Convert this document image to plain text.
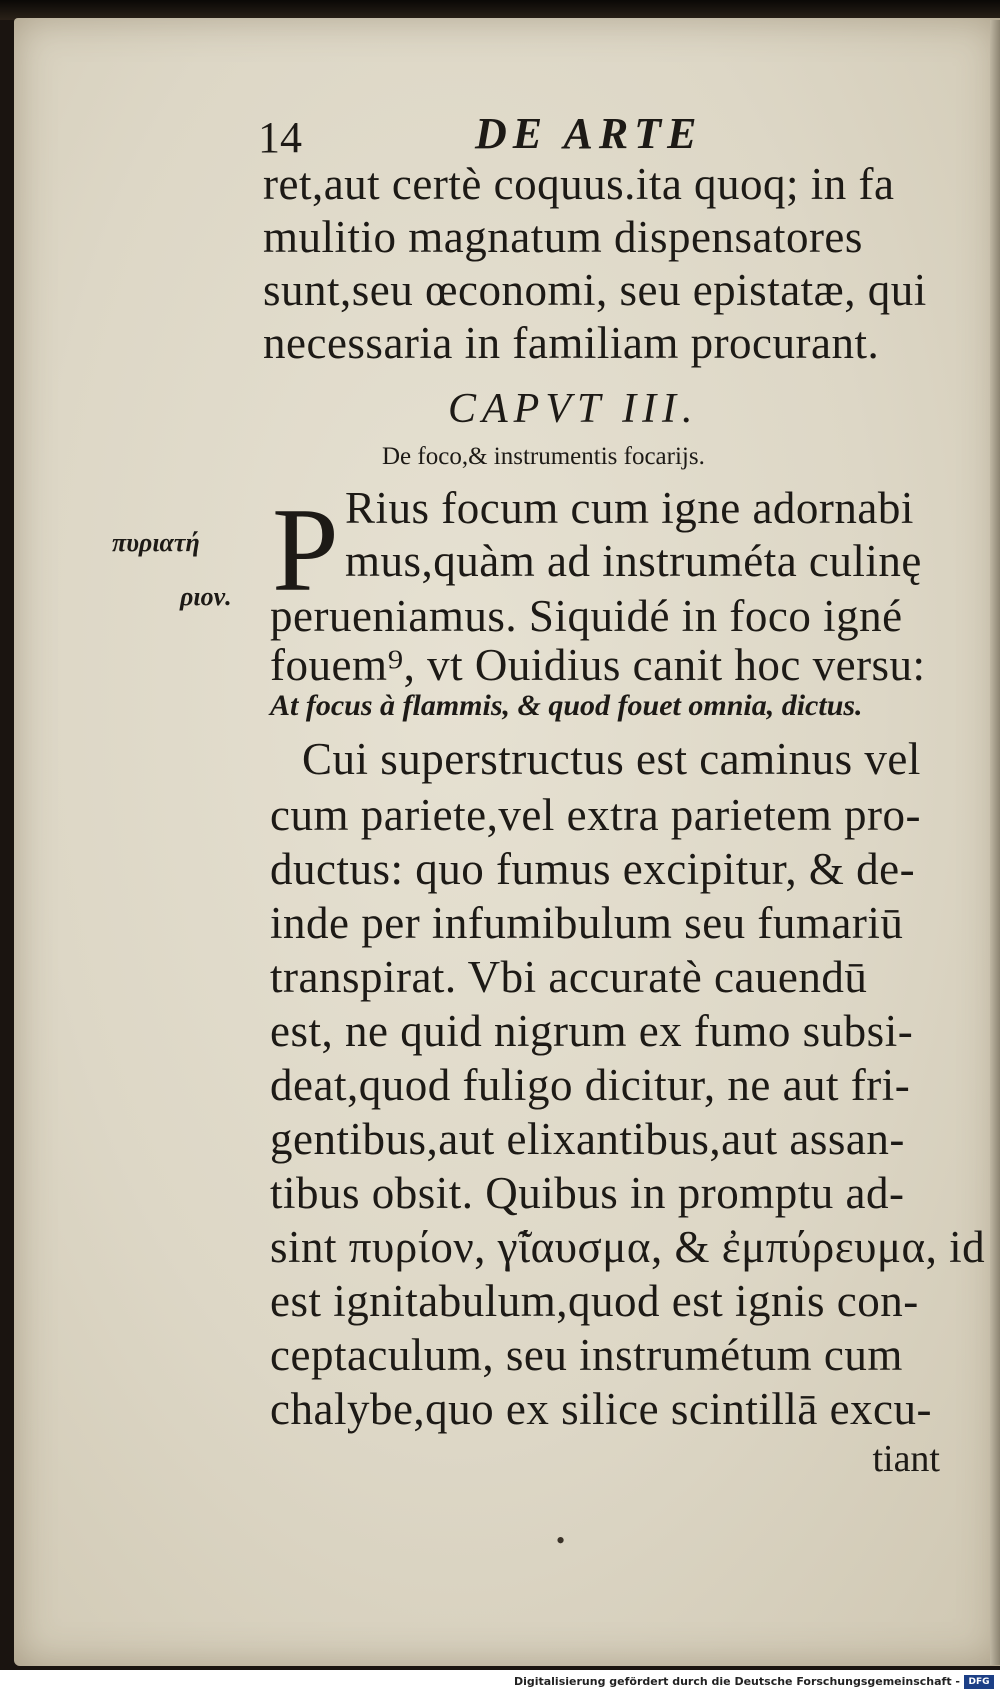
14	DE ARTE
ret,aut certè coquus.ita quoq; in fa
mulitio magnatum dispensatores
sunt,seu œconomi, seu epistatæ, qui
necessaria in familiam procurant.
CAPVT III.
De foco,& instrumentis focarijs.
P
πυριατή
ριον.
Rius focum cum igne adornabi
mus,quàm ad instruméta culinę
perueniamus. Siquidé in foco igné
fouem⁹, vt Ouidius canit hoc versu:
At focus à flammis, & quod fouet omnia, dictus.
Cui superstructus est caminus vel
cum pariete,vel extra parietem pro-
ductus: quo fumus excipitur, & de-
inde per infumibulum seu fumariū
transpirat. Vbi accuratè cauendū
est, ne quid nigrum ex fumo subsi-
deat,quod fuligo dicitur, ne aut fri-
gentibus,aut elixantibus,aut assan-
tibus obsit. Quibus in promptu ad-
sint πυρίον, γ̃ίαυσμα, & ἐμπύρευμα, id
est ignitabulum,quod est ignis con-
ceptaculum, seu instrumétum cum
chalybe,quo ex silice scintillā excu-
tiant
•
Digitalisierung gefördert durch die Deutsche Forschungsgemeinschaft - DFG
